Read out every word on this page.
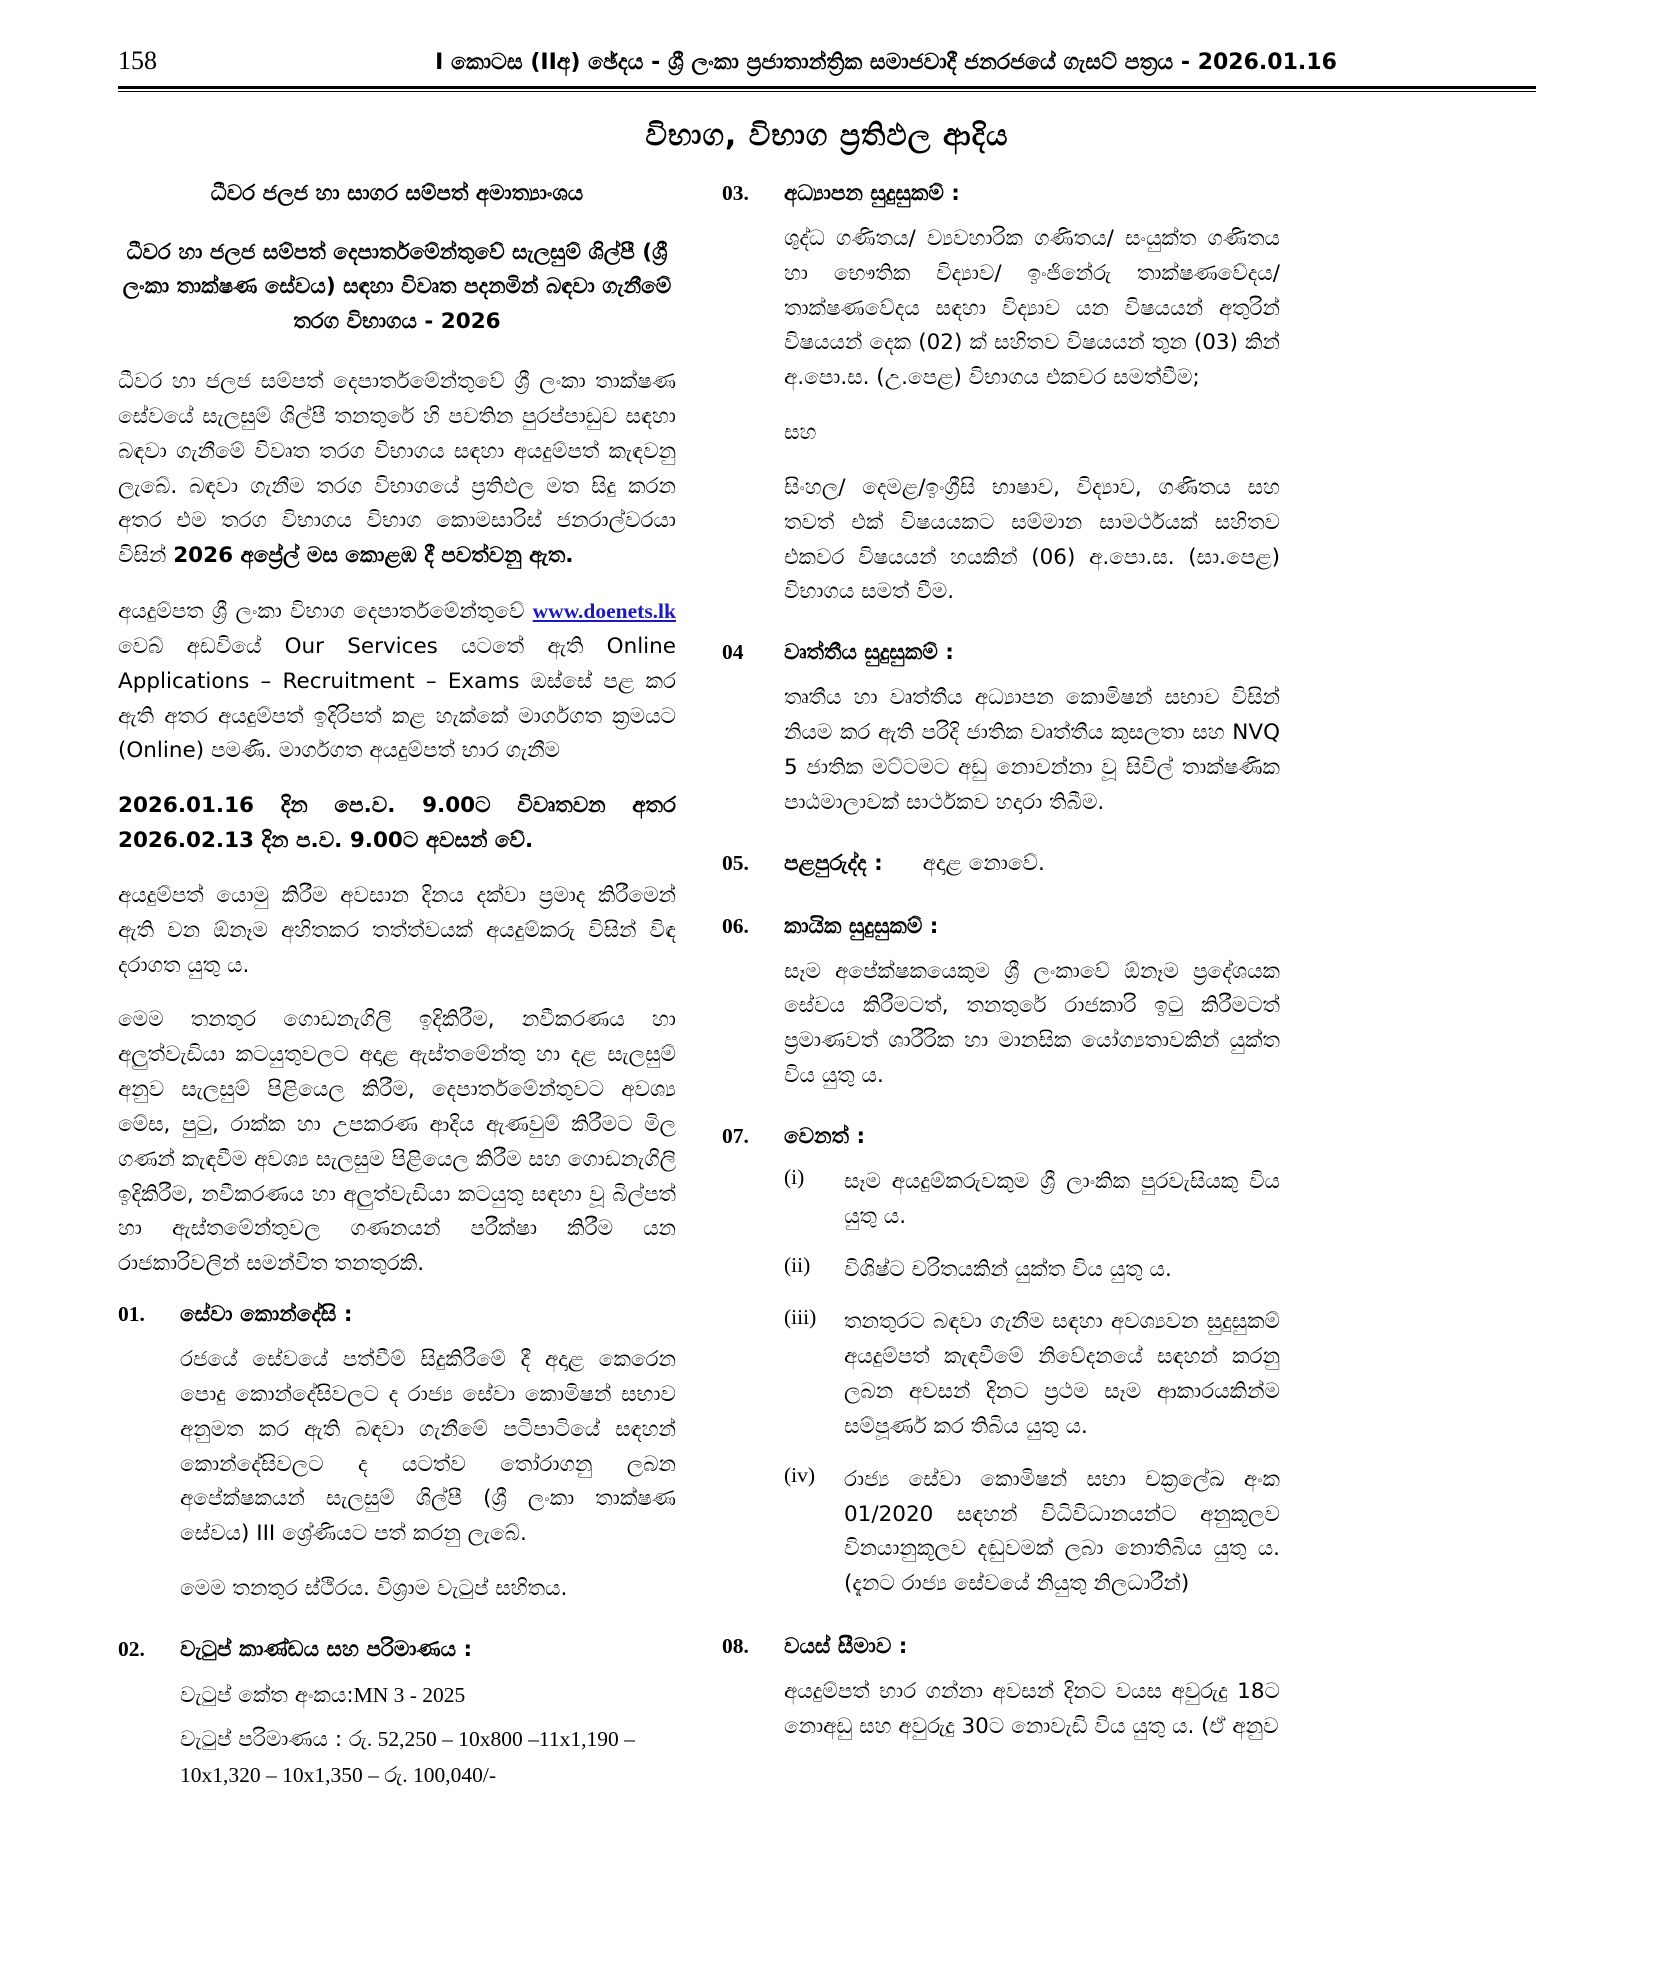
158	I කොටස (IIඅ) ඡේදය - ශ්‍රී ලංකා ප්‍රජාතාන්ත්‍රික සමාජවාදී ජනරජයේ ගැසට් පත්‍රය - 2026.01.16
විභාග, විභාග ප්‍රතිඵල ආදිය
ධීවර ජලජ හා සාගර සම්පත් අමාත්‍යාංශය
ධීවර හා ජලජ සම්පත් දෙපාර්තමේන්තුවේ සැලසුම් ශිල්පී (ශ්‍රී ලංකා තාක්ෂණ සේවය) සඳහා විවෘත පදනමින් බඳවා ගැනීමේ තරග විභාගය - 2026

ධීවර හා ජලජ සම්පත් දෙපාර්තමේන්තුවේ ශ්‍රී ලංකා තාක්ෂණ සේවයේ සැලසුම් ශිල්පී තනතුරේ හි පවතින පුරප්පාඩුව සඳහා බඳවා ගැනීමේ විවෘත තරග විභාගය සඳහා අයදුම්පත් කැඳවනු ලැබේ. බඳවා ගැනීම තරග විභාගයේ ප්‍රතිඵල මත සිදු කරන අතර එම තරග විභාගය විභාග කොමසාරිස් ජනරාල්වරයා විසින් 2026 අප්‍රේල් මස කොළඹ දී පවත්වනු ඇත.

අයදුම්පත ශ්‍රී ලංකා විභාග දෙපාර්තමේන්තුවේ www.doenets.lk වෙබ් අඩවියේ Our Services යටතේ ඇති Online Applications – Recruitment – Exams ඔස්සේ පළ කර ඇති අතර අයදුම්පත් ඉදිරිපත් කළ හැක්කේ මාර්ගගත ක්‍රමයට (Online) පමණි. මාර්ගගත අයදුම්පත් භාර ගැනීම

2026.01.16 දින පෙ.ව. 9.00ට විවෘතවන අතර 2026.02.13 දින ප.ව. 9.00ට අවසන් වේ.

අයදුම්පත් යොමු කිරීම අවසාන දිනය දක්වා ප්‍රමාද කිරීමෙන් ඇති වන ඕනෑම අහිතකර තත්ත්වයක් අයදුම්කරු විසින් විඳ දරාගත යුතු ය.

මෙම තනතුර ගොඩනැගිලි ඉදිකිරීම, නවීකරණය හා අලුත්වැඩියා කටයුතුවලට අදාළ ඇස්තමේන්තු හා දළ සැලසුම් අනුව සැලසුම් පිළියෙල කිරීම, දෙපාර්තමේන්තුවට අවශ්‍ය මේස, පුටු, රාක්ක හා උපකරණ ආදිය ඇණවුම් කිරීමට මිල ගණන් කැඳවීම අවශ්‍ය සැලසුම පිළියෙල කිරීම සහ ගොඩනැගිලි ඉදිකිරීම, නවීකරණය හා අලුත්වැඩියා කටයුතු සඳහා වූ බිල්පත් හා ඇස්තමේන්තුවල ගණනයන් පරීක්ෂා කිරීම යන රාජකාරිවලින් සමන්විත තනතුරකි.

01.	සේවා කොන්දේසි :
රජයේ සේවයේ පත්වීම් සිදුකිරීමේ දී අදාළ කෙරෙන පොදු කොන්දේසිවලට ද රාජ්‍ය සේවා කොමිෂන් සභාව අනුමත කර ඇති බඳවා ගැනීමේ පටිපාටියේ සඳහන් කොන්දේසිවලට ද යටත්ව තෝරාගනු ලබන අපේක්ෂකයන් සැලසුම් ශිල්පී (ශ්‍රී ලංකා තාක්ෂණ සේවය) III ශ්‍රේණියට පත් කරනු ලැබේ.
මෙම තනතුර ස්ථිරය. විශ්‍රාම වැටුප් සහිතය.
02.	වැටුප් කාණ්ඩය සහ පරිමාණය :
වැටුප් කේත අංකය:MN 3 - 2025
වැටුප් පරිමාණය : රු. 52,250 – 10x800 –11x1,190 – 10x1,320 – 10x1,350 – රු. 100,040/-
03.	අධ්‍යාපන සුදුසුකම් :
ශුද්ධ ගණිතය/ ව්‍යවහාරික ගණිතය/ සංයුක්ත ගණිතය හා භෞතික විද්‍යාව/ ඉංජිනේරු තාක්ෂණවේදය/ තාක්ෂණවේදය සඳහා විද්‍යාව යන විෂයයන් අතුරින් විෂයයන් දෙක (02) ක් සහිතව විෂයයන් තුන (03) කින් අ.පො.ස. (උ.පෙළ) විභාගය එකවර සමත්වීම;
සහ
සිංහල/ දෙමළ/ඉංග්‍රීසි භාෂාව, විද්‍යාව, ගණිතය සහ තවත් එක් විෂයයකට සම්මාන සාමර්ථයක් සහිතව එකවර විෂයයන් හයකින් (06) අ.පො.ස. (සා.පෙළ) විභාගය සමත් වීම.
04	වෘත්තීය සුදුසුකම් :
තෘතීය හා වෘත්තීය අධ්‍යාපන කොමිෂන් සභාව විසින් නියම කර ඇති පරිදි ජාතික වෘත්තීය කුසලතා සහ NVQ 5 ජාතික මට්ටමට අඩු නොවන්නා වූ සිවිල් තාක්ෂණික පාඨමාලාවක් සාර්ථකව හදාරා තිබීම.
05.	පළපුරුද්ද :	අදාළ නොවේ.
06.	කායික සුදුසුකම් :
සෑම අපේක්ෂකයෙකුම ශ්‍රී ලංකාවේ ඕනෑම ප්‍රදේශයක සේවය කිරීමටත්, තනතුරේ රාජකාරි ඉටු කිරීමටත් ප්‍රමාණවත් ශාරීරික හා මානසික යෝග්‍යතාවකින් යුක්ත විය යුතු ය.
07.	වෙනත් :
(i)	සෑම අයදුම්කරුවකුම ශ්‍රී ලාංකික පුරවැසියකු විය යුතු ය.
(ii)	විශිෂ්ට චරිතයකින් යුක්ත විය යුතු ය.
(iii)	තනතුරට බඳවා ගැනීම සඳහා අවශ්‍යවන සුදුසුකම් අයදුම්පත් කැඳවීමේ නිවේදනයේ සඳහන් කරනු ලබන අවසන් දිනට ප්‍රථම සෑම ආකාරයකින්ම සම්පූර්ණ කර තිබිය යුතු ය.
(iv)	රාජ්‍ය සේවා කොමිෂන් සභා චක්‍රලේඛ අංක 01/2020 සඳහන් විධිවිධානයන්ට අනුකූලව විනයානුකූලව දඬුවමක් ලබා නොතිබිය යුතු ය. (දැනට රාජ්‍ය සේවයේ නියුතු නිලධාරීන්)
08.	වයස් සීමාව :
අයදුම්පත් භාර ගන්නා අවසන් දිනට වයස අවුරුදු 18ට නොඅඩු සහ අවුරුදු 30ට නොවැඩි විය යුතු ය. (ඒ අනුව
